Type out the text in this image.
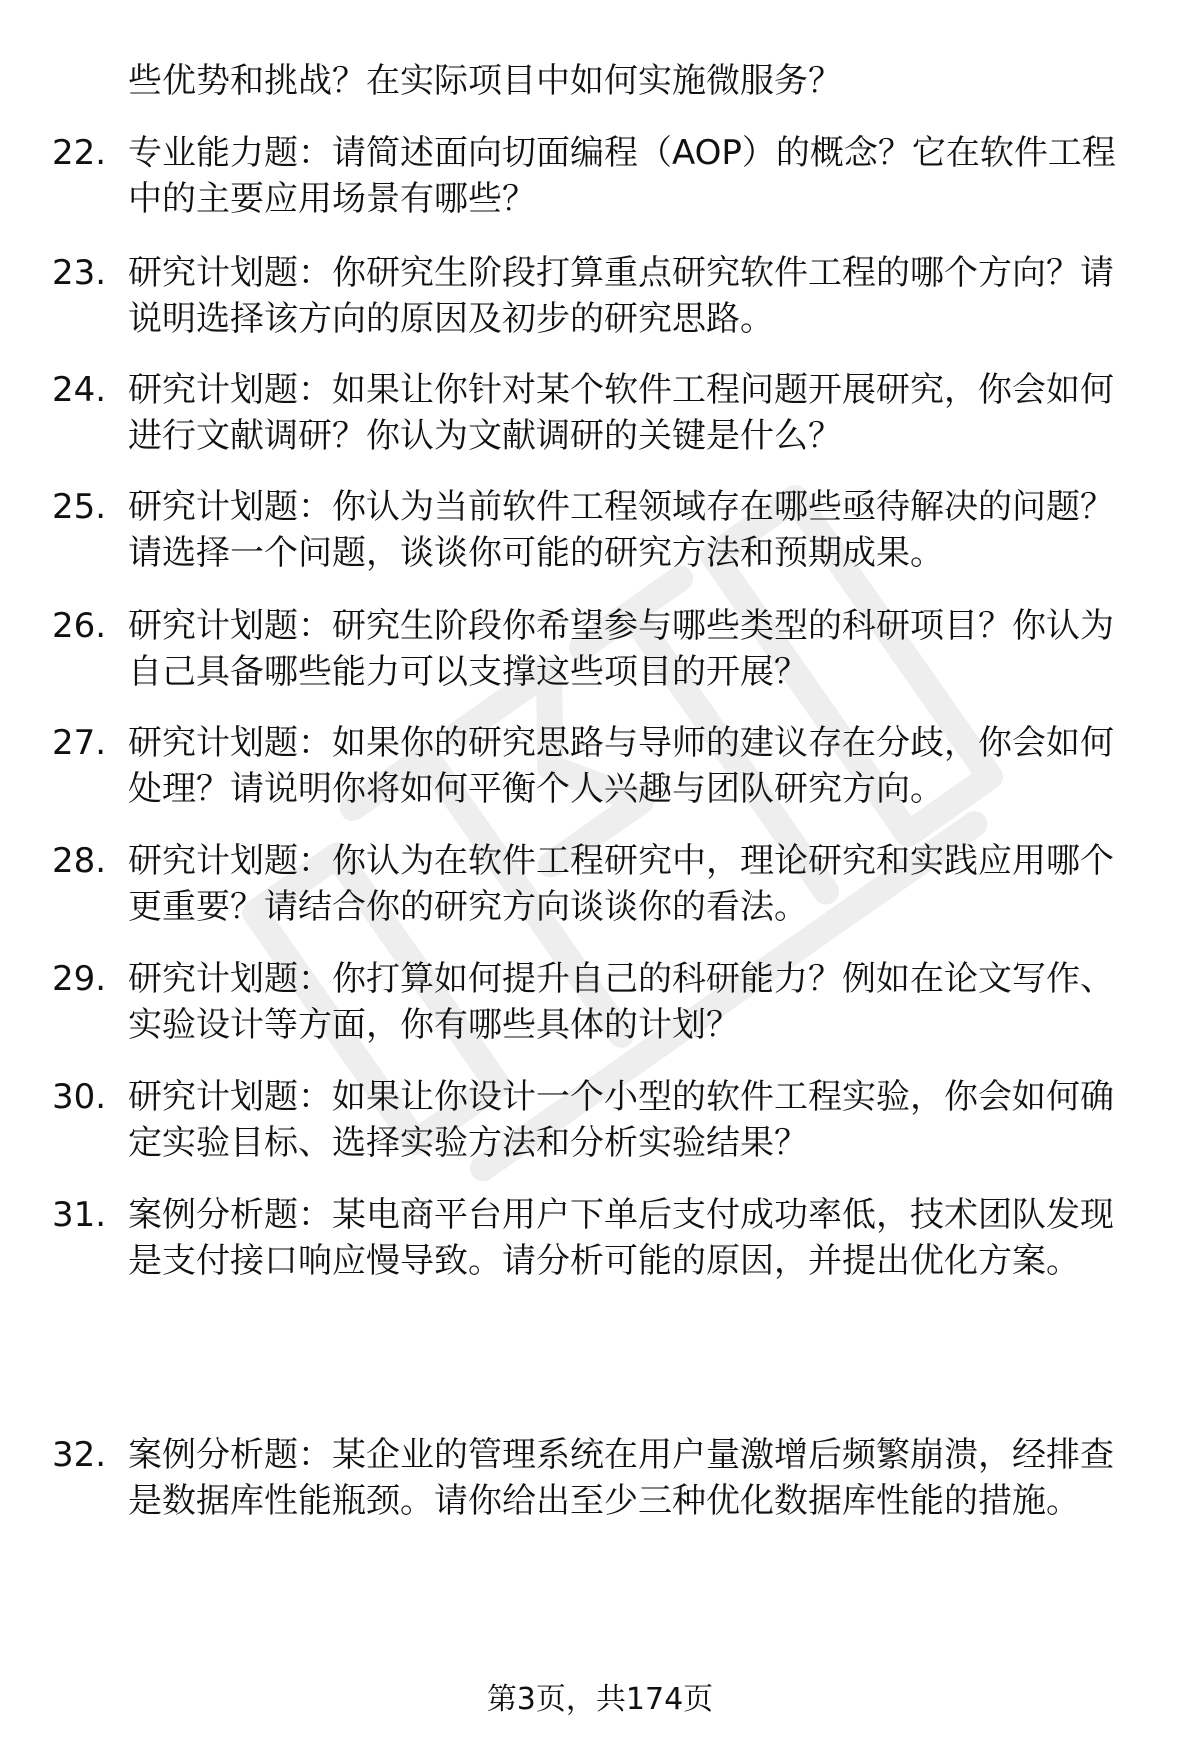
些优势和挑战？在实际项目中如何实施微服务？
22. 专业能力题：请简述面向切面编程（AOP）的概念？它在软件工程中的主要应用场景有哪些？
23. 研究计划题：你研究生阶段打算重点研究软件工程的哪个方向？请说明选择该方向的原因及初步的研究思路。
24. 研究计划题：如果让你针对某个软件工程问题开展研究，你会如何进行文献调研？你认为文献调研的关键是什么？
25. 研究计划题：你认为当前软件工程领域存在哪些亟待解决的问题？请选择一个问题，谈谈你可能的研究方法和预期成果。
26. 研究计划题：研究生阶段你希望参与哪些类型的科研项目？你认为自己具备哪些能力可以支撑这些项目的开展？
27. 研究计划题：如果你的研究思路与导师的建议存在分歧，你会如何处理？请说明你将如何平衡个人兴趣与团队研究方向。
28. 研究计划题：你认为在软件工程研究中，理论研究和实践应用哪个更重要？请结合你的研究方向谈谈你的看法。
29. 研究计划题：你打算如何提升自己的科研能力？例如在论文写作、实验设计等方面，你有哪些具体的计划？
30. 研究计划题：如果让你设计一个小型的软件工程实验，你会如何确定实验目标、选择实验方法和分析实验结果？
31. 案例分析题：某电商平台用户下单后支付成功率低，技术团队发现是支付接口响应慢导致。请分析可能的原因，并提出优化方案。
32. 案例分析题：某企业的管理系统在用户量激增后频繁崩溃，经排查是数据库性能瓶颈。请你给出至少三种优化数据库性能的措施。
第3页，共174页
